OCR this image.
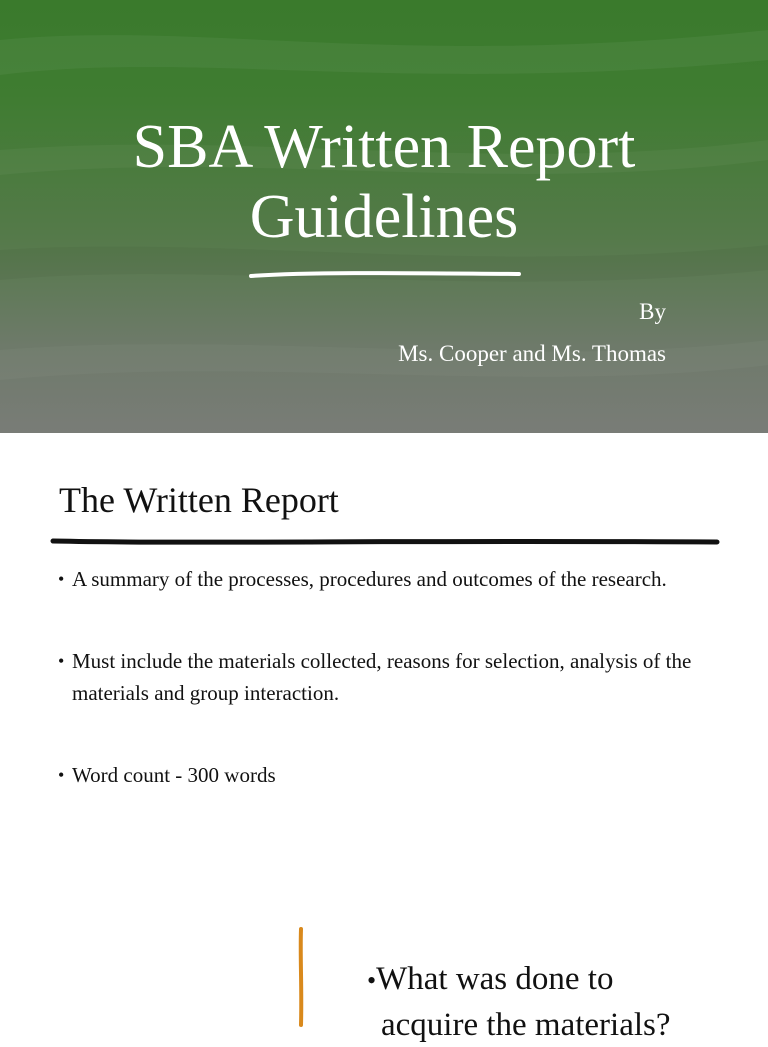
SBA Written Report
Guidelines
By
Ms. Cooper and Ms. Thomas
The Written Report
• A summary of the processes, procedures and outcomes of the research.
• Must include the materials collected, reasons for selection, analysis of the materials and group interaction.
• Word count - 300 words
•What was done to
acquire the materials?
